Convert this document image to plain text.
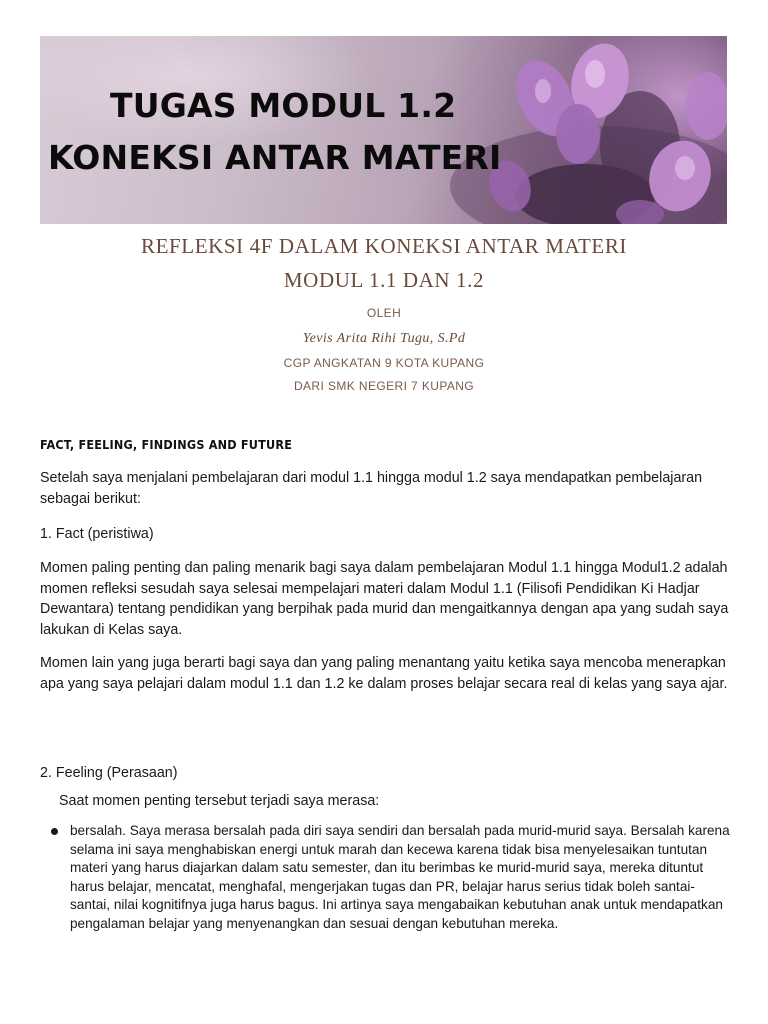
TUGAS MODUL 1.2
KONEKSI ANTAR MATERI

REFLEKSI 4F DALAM KONEKSI ANTAR MATERI

MODUL 1.1 DAN 1.2

OLEH

Yevis Arita Rihi Tugu, S.Pd

CGP ANGKATAN 9 KOTA KUPANG

DARI SMK NEGERI 7 KUPANG

FACT, FEELING, FINDINGS AND FUTURE

Setelah saya menjalani pembelajaran dari modul 1.1 hingga modul 1.2 saya mendapatkan pembelajaran sebagai berikut:

1. Fact (peristiwa)

Momen paling penting dan paling menarik bagi saya dalam pembelajaran Modul 1.1 hingga Modul1.2 adalah momen refleksi sesudah saya selesai mempelajari materi dalam Modul 1.1 (Filisofi Pendidikan Ki Hadjar Dewantara) tentang pendidikan yang berpihak pada murid dan mengaitkannya dengan apa yang sudah saya lakukan di Kelas saya.

Momen lain yang juga berarti bagi saya dan yang paling menantang yaitu ketika saya mencoba menerapkan apa yang saya pelajari dalam modul 1.1 dan 1.2 ke dalam proses belajar secara real di kelas yang saya ajar.

2. Feeling (Perasaan)

Saat momen penting tersebut terjadi saya merasa:

bersalah. Saya merasa bersalah pada diri saya sendiri dan bersalah pada murid-murid saya. Bersalah karena selama ini saya menghabiskan energi untuk marah dan kecewa karena tidak bisa menyelesaikan tuntutan materi yang harus diajarkan dalam satu semester, dan itu berimbas ke murid-murid saya, mereka dituntut harus belajar, mencatat, menghafal, mengerjakan tugas dan PR, belajar harus serius tidak boleh santai-santai, nilai kognitifnya juga harus bagus. Ini artinya saya mengabaikan kebutuhan anak untuk mendapatkan pengalaman belajar yang menyenangkan dan sesuai dengan kebutuhan mereka.
